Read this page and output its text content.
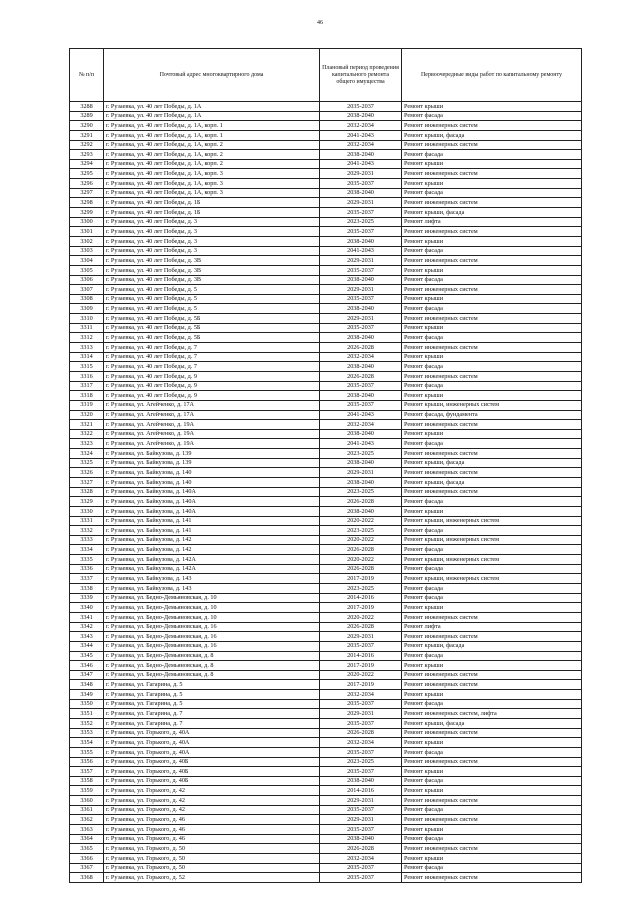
46
№ п/п	Почтовый адрес многоквартирного дома	Плановый период проведения капитального ремонта общего имущества	Первоочередные виды работ по капитальному ремонту
3288	г. Рузаевка, ул. 40 лет Победы, д. 1А	2035-2037	Ремонт крыши
3289	г. Рузаевка, ул. 40 лет Победы, д. 1А	2038-2040	Ремонт фасада
3290	г. Рузаевка, ул. 40 лет Победы, д. 1А, корп. 1	2032-2034	Ремонт инженерных систем
3291	г. Рузаевка, ул. 40 лет Победы, д. 1А, корп. 1	2041-2043	Ремонт крыши, фасада
3292	г. Рузаевка, ул. 40 лет Победы, д. 1А, корп. 2	2032-2034	Ремонт инженерных систем
3293	г. Рузаевка, ул. 40 лет Победы, д. 1А, корп. 2	2038-2040	Ремонт фасада
3294	г. Рузаевка, ул. 40 лет Победы, д. 1А, корп. 2	2041-2043	Ремонт крыши
3295	г. Рузаевка, ул. 40 лет Победы, д. 1А, корп. 3	2029-2031	Ремонт инженерных систем
3296	г. Рузаевка, ул. 40 лет Победы, д. 1А, корп. 3	2035-2037	Ремонт крыши
3297	г. Рузаевка, ул. 40 лет Победы, д. 1А, корп. 3	2038-2040	Ремонт фасада
3298	г. Рузаевка, ул. 40 лет Победы, д. 1Б	2029-2031	Ремонт инженерных систем
3299	г. Рузаевка, ул. 40 лет Победы, д. 1Б	2035-2037	Ремонт крыши, фасада
3300	г. Рузаевка, ул. 40 лет Победы, д. 3	2023-2025	Ремонт лифта
3301	г. Рузаевка, ул. 40 лет Победы, д. 3	2035-2037	Ремонт инженерных систем
3302	г. Рузаевка, ул. 40 лет Победы, д. 3	2038-2040	Ремонт крыши
3303	г. Рузаевка, ул. 40 лет Победы, д. 3	2041-2043	Ремонт фасада
3304	г. Рузаевка, ул. 40 лет Победы, д. 3В	2029-2031	Ремонт инженерных систем
3305	г. Рузаевка, ул. 40 лет Победы, д. 3В	2035-2037	Ремонт крыши
3306	г. Рузаевка, ул. 40 лет Победы, д. 3В	2038-2040	Ремонт фасада
3307	г. Рузаевка, ул. 40 лет Победы, д. 5	2029-2031	Ремонт инженерных систем
3308	г. Рузаевка, ул. 40 лет Победы, д. 5	2035-2037	Ремонт крыши
3309	г. Рузаевка, ул. 40 лет Победы, д. 5	2038-2040	Ремонт фасада
3310	г. Рузаевка, ул. 40 лет Победы, д. 5Б	2029-2031	Ремонт инженерных систем
3311	г. Рузаевка, ул. 40 лет Победы, д. 5Б	2035-2037	Ремонт крыши
3312	г. Рузаевка, ул. 40 лет Победы, д. 5Б	2038-2040	Ремонт фасада
3313	г. Рузаевка, ул. 40 лет Победы, д. 7	2026-2028	Ремонт инженерных систем
3314	г. Рузаевка, ул. 40 лет Победы, д. 7	2032-2034	Ремонт крыши
3315	г. Рузаевка, ул. 40 лет Победы, д. 7	2038-2040	Ремонт фасада
3316	г. Рузаевка, ул. 40 лет Победы, д. 9	2026-2028	Ремонт инженерных систем
3317	г. Рузаевка, ул. 40 лет Победы, д. 9	2035-2037	Ремонт фасада
3318	г. Рузаевка, ул. 40 лет Победы, д. 9	2038-2040	Ремонт крыши
3319	г. Рузаевка, ул. Агейченко, д. 17А	2035-2037	Ремонт крыши, инженерных систем
3320	г. Рузаевка, ул. Агейченко, д. 17А	2041-2043	Ремонт фасада, фундамента
3321	г. Рузаевка, ул. Агейченко, д. 19А	2032-2034	Ремонт инженерных систем
3322	г. Рузаевка, ул. Агейченко, д. 19А	2038-2040	Ремонт крыши
3323	г. Рузаевка, ул. Агейченко, д. 19А	2041-2043	Ремонт фасада
3324	г. Рузаевка, ул. Байкузова, д. 139	2023-2025	Ремонт инженерных систем
3325	г. Рузаевка, ул. Байкузова, д. 139	2038-2040	Ремонт крыши, фасада
3326	г. Рузаевка, ул. Байкузова, д. 140	2029-2031	Ремонт инженерных систем
3327	г. Рузаевка, ул. Байкузова, д. 140	2038-2040	Ремонт крыши, фасада
3328	г. Рузаевка, ул. Байкузова, д. 140А	2023-2025	Ремонт инженерных систем
3329	г. Рузаевка, ул. Байкузова, д. 140А	2026-2028	Ремонт фасада
3330	г. Рузаевка, ул. Байкузова, д. 140А	2038-2040	Ремонт крыши
3331	г. Рузаевка, ул. Байкузова, д. 141	2020-2022	Ремонт крыши, инженерных систем
3332	г. Рузаевка, ул. Байкузова, д. 141	2023-2025	Ремонт фасада
3333	г. Рузаевка, ул. Байкузова, д. 142	2020-2022	Ремонт крыши, инженерных систем
3334	г. Рузаевка, ул. Байкузова, д. 142	2026-2028	Ремонт фасада
3335	г. Рузаевка, ул. Байкузова, д. 142А	2020-2022	Ремонт крыши, инженерных систем
3336	г. Рузаевка, ул. Байкузова, д. 142А	2026-2028	Ремонт фасада
3337	г. Рузаевка, ул. Байкузова, д. 143	2017-2019	Ремонт крыши, инженерных систем
3338	г. Рузаевка, ул. Байкузова, д. 143	2023-2025	Ремонт фасада
3339	г. Рузаевка, ул. Бедно-Демьяновская, д. 10	2014-2016	Ремонт фасада
3340	г. Рузаевка, ул. Бедно-Демьяновская, д. 10	2017-2019	Ремонт крыши
3341	г. Рузаевка, ул. Бедно-Демьяновская, д. 10	2020-2022	Ремонт инженерных систем
3342	г. Рузаевка, ул. Бедно-Демьяновская, д. 16	2026-2028	Ремонт лифта
3343	г. Рузаевка, ул. Бедно-Демьяновская, д. 16	2029-2031	Ремонт инженерных систем
3344	г. Рузаевка, ул. Бедно-Демьяновская, д. 16	2035-2037	Ремонт крыши, фасада
3345	г. Рузаевка, ул. Бедно-Демьяновская, д. 8	2014-2016	Ремонт фасада
3346	г. Рузаевка, ул. Бедно-Демьяновская, д. 8	2017-2019	Ремонт крыши
3347	г. Рузаевка, ул. Бедно-Демьяновская, д. 8	2020-2022	Ремонт инженерных систем
3348	г. Рузаевка, ул. Гагарина, д. 5	2017-2019	Ремонт инженерных систем
3349	г. Рузаевка, ул. Гагарина, д. 5	2032-2034	Ремонт крыши
3350	г. Рузаевка, ул. Гагарина, д. 5	2035-2037	Ремонт фасада
3351	г. Рузаевка, ул. Гагарина, д. 7	2029-2031	Ремонт инженерных систем, лифта
3352	г. Рузаевка, ул. Гагарина, д. 7	2035-2037	Ремонт крыши, фасада
3353	г. Рузаевка, ул. Горького, д. 40А	2026-2028	Ремонт инженерных систем
3354	г. Рузаевка, ул. Горького, д. 40А	2032-2034	Ремонт крыши
3355	г. Рузаевка, ул. Горького, д. 40А	2035-2037	Ремонт фасада
3356	г. Рузаевка, ул. Горького, д. 40Б	2023-2025	Ремонт инженерных систем
3357	г. Рузаевка, ул. Горького, д. 40Б	2035-2037	Ремонт крыши
3358	г. Рузаевка, ул. Горького, д. 40Б	2038-2040	Ремонт фасада
3359	г. Рузаевка, ул. Горького, д. 42	2014-2016	Ремонт крыши
3360	г. Рузаевка, ул. Горького, д. 42	2029-2031	Ремонт инженерных систем
3361	г. Рузаевка, ул. Горького, д. 42	2035-2037	Ремонт фасада
3362	г. Рузаевка, ул. Горького, д. 46	2029-2031	Ремонт инженерных систем
3363	г. Рузаевка, ул. Горького, д. 46	2035-2037	Ремонт крыши
3364	г. Рузаевка, ул. Горького, д. 46	2038-2040	Ремонт фасада
3365	г. Рузаевка, ул. Горького, д. 50	2026-2028	Ремонт инженерных систем
3366	г. Рузаевка, ул. Горького, д. 50	2032-2034	Ремонт крыши
3367	г. Рузаевка, ул. Горького, д. 50	2035-2037	Ремонт фасада
3368	г. Рузаевка, ул. Горького, д. 52	2035-2037	Ремонт инженерных систем
